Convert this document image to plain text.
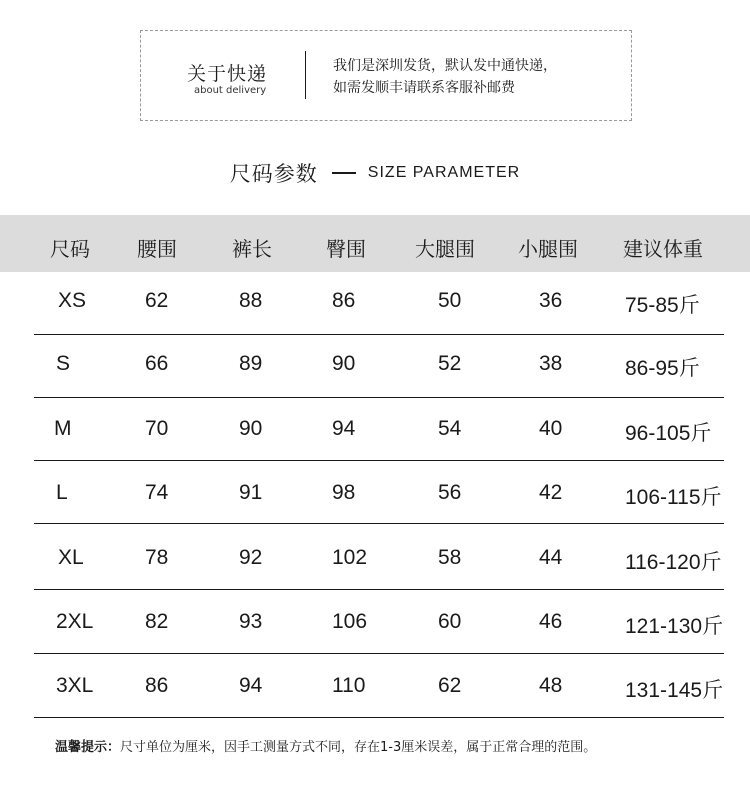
关于快递
about delivery
我们是深圳发货，默认发中通快递，
如需发顺丰请联系客服补邮费
尺码参数	SIZE PARAMETER
尺码 腰围	裤长	臀围 大腿围 小腿围 建议体重
XS	62	88	86	50	36	75-85斤
S	66	89	90	52	38	86-95斤
M	70	90	94	54	40	96-105斤
L	74	91	98	56	42	106-115斤
XL	78	92	102	58	44	116-120斤
2XL 82	93	106	60	46	121-130斤
3XL 86	94	110	62	48	131-145斤
温馨提示：尺寸单位为厘米，因手工测量方式不同，存在1-3厘米误差，属于正常合理的范围。
